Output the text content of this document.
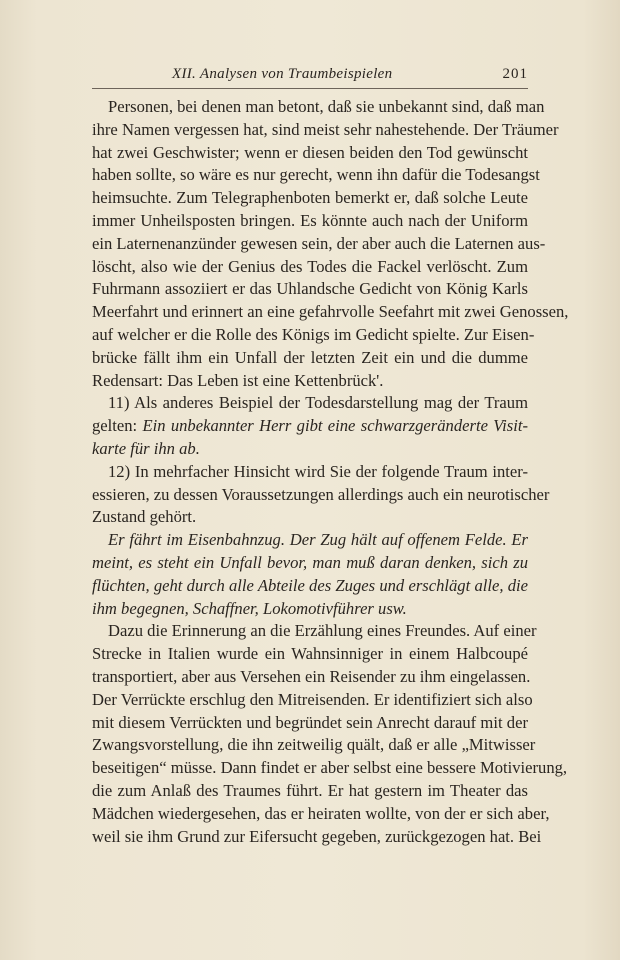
XII. Analysen von Traumbeispielen	201
Personen, bei denen man betont, daß sie unbekannt sind, daß man
ihre Namen vergessen hat, sind meist sehr nahestehende. Der Träumer
hat zwei Geschwister; wenn er diesen beiden den Tod gewünscht
haben sollte, so wäre es nur gerecht, wenn ihn dafür die Todesangst
heimsuchte. Zum Telegraphenboten bemerkt er, daß solche Leute
immer Unheilsposten bringen. Es könnte auch nach der Uniform
ein Laternenanzünder gewesen sein, der aber auch die Laternen aus-
löscht, also wie der Genius des Todes die Fackel verlöscht. Zum
Fuhrmann assoziiert er das Uhlandsche Gedicht von König Karls
Meerfahrt und erinnert an eine gefahrvolle Seefahrt mit zwei Genossen,
auf welcher er die Rolle des Königs im Gedicht spielte. Zur Eisen-
brücke fällt ihm ein Unfall der letzten Zeit ein und die dumme
Redensart: Das Leben ist eine Kettenbrück'.
11) Als anderes Beispiel der Todesdarstellung mag der Traum
gelten: Ein unbekannter Herr gibt eine schwarzgeränderte Visit-
karte für ihn ab.
12) In mehrfacher Hinsicht wird Sie der folgende Traum inter-
essieren, zu dessen Voraussetzungen allerdings auch ein neurotischer
Zustand gehört.
Er fährt im Eisenbahnzug. Der Zug hält auf offenem Felde. Er
meint, es steht ein Unfall bevor, man muß daran denken, sich zu
flüchten, geht durch alle Abteile des Zuges und erschlägt alle, die
ihm begegnen, Schaffner, Lokomotivführer usw.
Dazu die Erinnerung an die Erzählung eines Freundes. Auf einer
Strecke in Italien wurde ein Wahnsinniger in einem Halbcoupé
transportiert, aber aus Versehen ein Reisender zu ihm eingelassen.
Der Verrückte erschlug den Mitreisenden. Er identifiziert sich also
mit diesem Verrückten und begründet sein Anrecht darauf mit der
Zwangsvorstellung, die ihn zeitweilig quält, daß er alle „Mitwisser
beseitigen“ müsse. Dann findet er aber selbst eine bessere Motivierung,
die zum Anlaß des Traumes führt. Er hat gestern im Theater das
Mädchen wiedergesehen, das er heiraten wollte, von der er sich aber,
weil sie ihm Grund zur Eifersucht gegeben, zurückgezogen hat. Bei
